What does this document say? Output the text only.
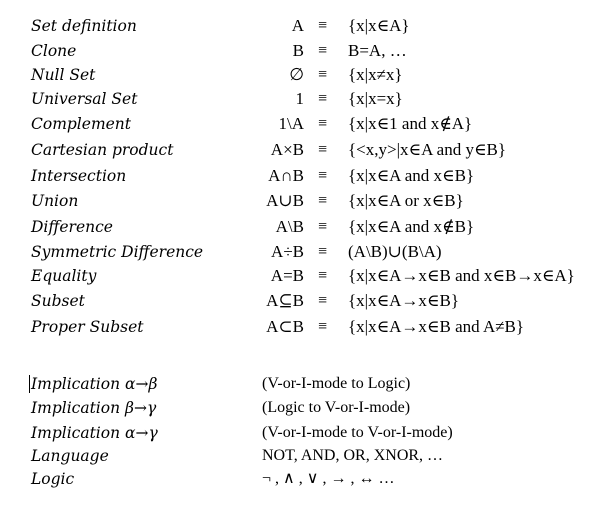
Set definition	A ≡ {x|x∈A}
Clone	B ≡ B=A, …
Null Set	∅ ≡ {x|x≠x}
Universal Set	1 ≡ {x|x=x}
Complement	1\A ≡ {x|x∈1 and x∉A}
Cartesian product	A×B ≡ {<x,y>|x∈A and y∈B}
Intersection	A∩B ≡ {x|x∈A and x∈B}
Union	A∪B ≡ {x|x∈A or x∈B}
Difference	A\B ≡ {x|x∈A and x∉B}
Symmetric Difference	A÷B ≡ (A\B)∪(B\A)
Equality	A=B ≡ {x|x∈A→x∈B and x∈B→x∈A}
Subset	A⊆B ≡ {x|x∈A→x∈B}
Proper Subset	A⊂B ≡ {x|x∈A→x∈B and A≠B}
Implication α→β	(V-or-I-mode to Logic)
Implication β→γ	(Logic to V-or-I-mode)
Implication α→γ	(V-or-I-mode to V-or-I-mode)
Language	NOT, AND, OR, XNOR, …
Logic	¬ , ∧ , ∨ , → , ↔ …
